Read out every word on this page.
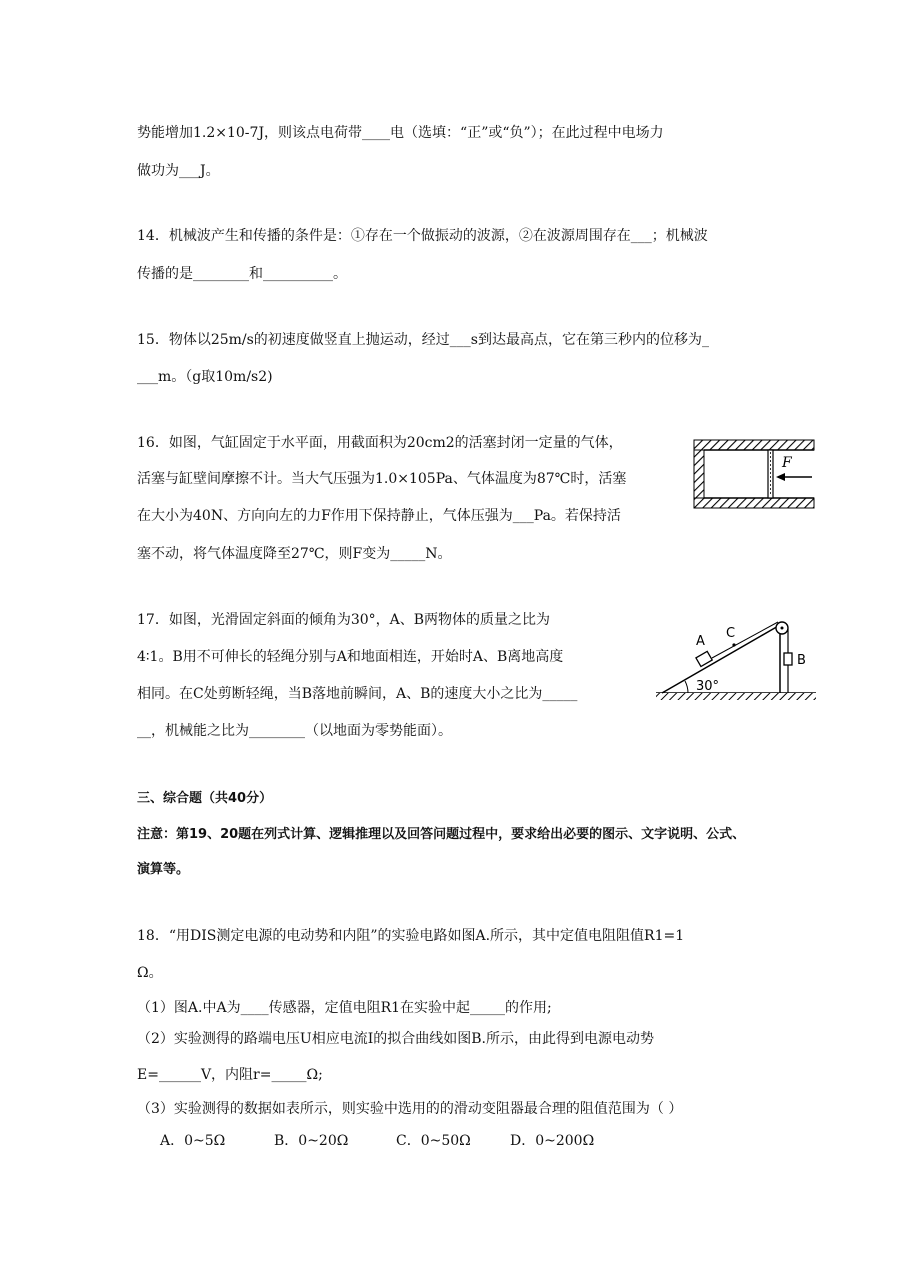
势能增加1.2×10-7J，则该点电荷带____电（选填：“正”或“负”）；在此过程中电场力
做功为___J。
14．机械波产生和传播的条件是：①存在一个做振动的波源，②在波源周围存在___；机械波
传播的是________和__________。
15．物体以25m/s的初速度做竖直上抛运动，经过___s到达最高点，它在第三秒内的位移为_
___m。（g取10m/s2)
16．如图，气缸固定于水平面，用截面积为20cm2的活塞封闭一定量的气体，
活塞与缸壁间摩擦不计。当大气压强为1.0×105Pa、气体温度为87℃时，活塞
在大小为40N、方向向左的力F作用下保持静止，气体压强为___Pa。若保持活
塞不动，将气体温度降至27℃，则F变为_____N。
F
17．如图，光滑固定斜面的倾角为30°，A、B两物体的质量之比为
4∶1。B用不可伸长的轻绳分别与A和地面相连，开始时A、B离地高度
相同。在C处剪断轻绳，当B落地前瞬间，A、B的速度大小之比为_____
__，机械能之比为________（以地面为零势能面）。
A
C
B
30°
三、综合题（共40分）
注意：第19、20题在列式计算、逻辑推理以及回答问题过程中，要求给出必要的图示、文字说明、公式、
演算等。
18．“用DIS测定电源的电动势和内阻”的实验电路如图A.所示，其中定值电阻阻值R1=1
Ω。
（1）图A.中A为____传感器，定值电阻R1在实验中起_____的作用;
（2）实验测得的路端电压U相应电流I的拟合曲线如图B.所示，由此得到电源电动势
E=______V，内阻r=_____Ω;
（3）实验测得的数据如表所示，则实验中选用的的滑动变阻器最合理的阻值范围为（ ）
A．0~5Ω	B．0~20Ω	C．0~50Ω	D．0~200Ω
